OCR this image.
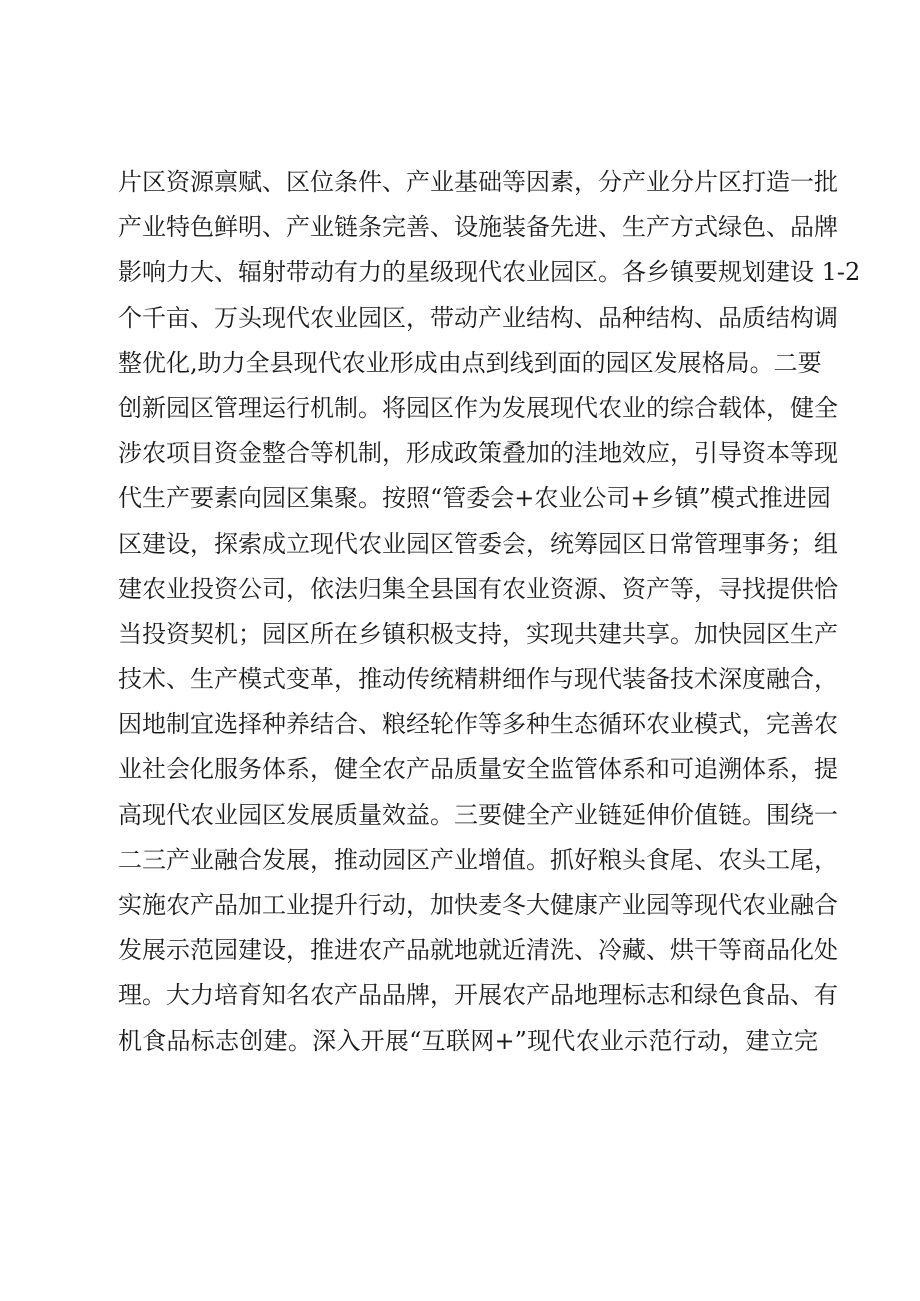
片区资源禀赋、区位条件、产业基础等因素，分产业分片区打造一批
产业特色鲜明、产业链条完善、设施装备先进、生产方式绿色、品牌
影响力大、辐射带动有力的星级现代农业园区。各乡镇要规划建设 1-2
个千亩、万头现代农业园区，带动产业结构、品种结构、品质结构调
整优化,助力全县现代农业形成由点到线到面的园区发展格局。二要
创新园区管理运行机制。将园区作为发展现代农业的综合载体，健全
涉农项目资金整合等机制，形成政策叠加的洼地效应，引导资本等现
代生产要素向园区集聚。按照“管委会+农业公司+乡镇”模式推进园
区建设，探索成立现代农业园区管委会，统筹园区日常管理事务；组
建农业投资公司，依法归集全县国有农业资源、资产等，寻找提供恰
当投资契机；园区所在乡镇积极支持，实现共建共享。加快园区生产
技术、生产模式变革，推动传统精耕细作与现代装备技术深度融合，
因地制宜选择种养结合、粮经轮作等多种生态循环农业模式，完善农
业社会化服务体系，健全农产品质量安全监管体系和可追溯体系，提
高现代农业园区发展质量效益。三要健全产业链延伸价值链。围绕一
二三产业融合发展，推动园区产业增值。抓好粮头食尾、农头工尾，
实施农产品加工业提升行动，加快麦冬大健康产业园等现代农业融合
发展示范园建设，推进农产品就地就近清洗、冷藏、烘干等商品化处
理。大力培育知名农产品品牌，开展农产品地理标志和绿色食品、有
机食品标志创建。深入开展“互联网+”现代农业示范行动，建立完
